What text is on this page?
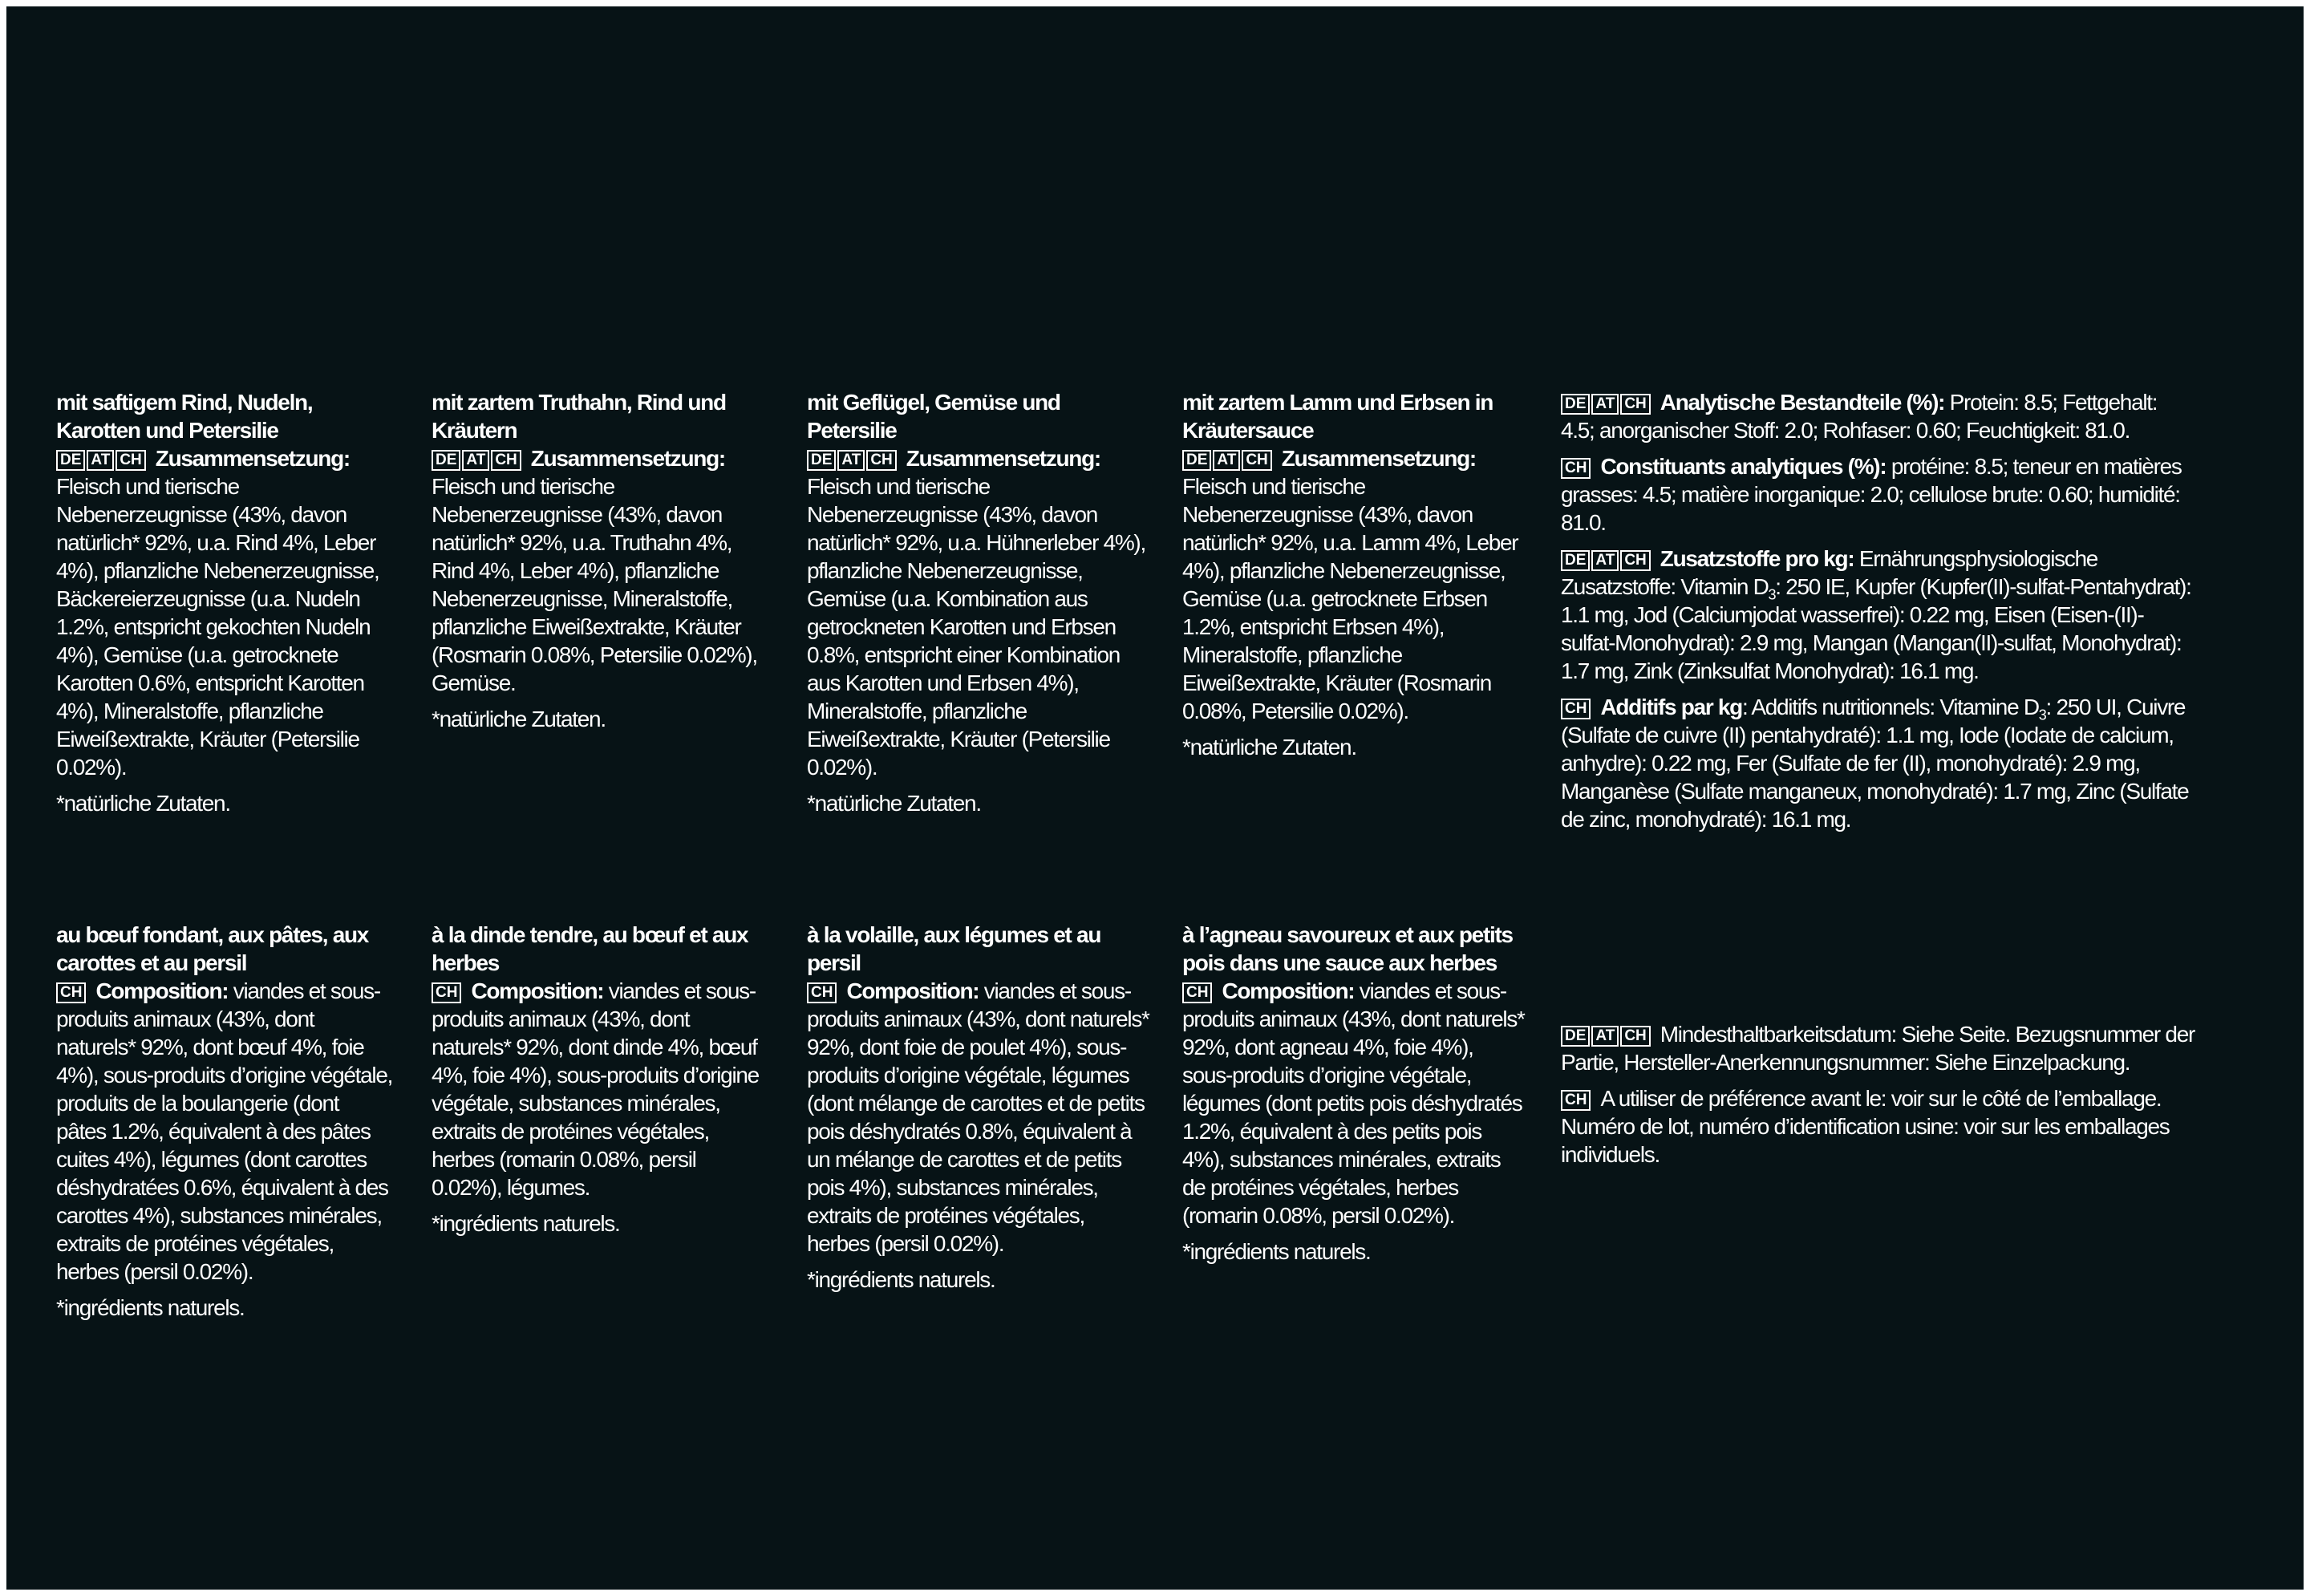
mit saftigem Rind, Nudeln, Karotten und Petersilie
DE AT CH Zusammensetzung: Fleisch und tierische Nebenerzeugnisse (43%, davon natürlich* 92%, u.a. Rind 4%, Leber 4%), pflanzliche Nebenerzeugnisse, Bäckereierzeugnisse (u.a. Nudeln 1.2%, entspricht gekochten Nudeln 4%), Gemüse (u.a. getrocknete Karotten 0.6%, entspricht Karotten 4%), Mineralstoffe, pflanzliche Eiweißextrakte, Kräuter (Petersilie 0.02%).

*natürliche Zutaten.

mit zartem Truthahn, Rind und Kräutern
DE AT CH Zusammensetzung: Fleisch und tierische Nebenerzeugnisse (43%, davon natürlich* 92%, u.a. Truthahn 4%, Rind 4%, Leber 4%), pflanzliche Nebenerzeugnisse, Mineralstoffe, pflanzliche Eiweißextrakte, Kräuter (Rosmarin 0.08%, Petersilie 0.02%), Gemüse.

*natürliche Zutaten.

mit Geflügel, Gemüse und Petersilie
DE AT CH Zusammensetzung: Fleisch und tierische Nebenerzeugnisse (43%, davon natürlich* 92%, u.a. Hühnerleber 4%), pflanzliche Nebenerzeugnisse, Gemüse (u.a. Kombination aus getrockneten Karotten und Erbsen 0.8%, entspricht einer Kombination aus Karotten und Erbsen 4%), Mineralstoffe, pflanzliche Eiweißextrakte, Kräuter (Petersilie 0.02%).

*natürliche Zutaten.

mit zartem Lamm und Erbsen in Kräutersauce
DE AT CH Zusammensetzung: Fleisch und tierische Nebenerzeugnisse (43%, davon natürlich* 92%, u.a. Lamm 4%, Leber 4%), pflanzliche Nebenerzeugnisse, Gemüse (u.a. getrocknete Erbsen 1.2%, entspricht Erbsen 4%), Mineralstoffe, pflanzliche Eiweißextrakte, Kräuter (Rosmarin 0.08%, Petersilie 0.02%).

*natürliche Zutaten.

DE AT CH Analytische Bestandteile (%): Protein: 8.5; Fettgehalt: 4.5; anorganischer Stoff: 2.0; Rohfaser: 0.60; Feuchtigkeit: 81.0.

CH Constituants analytiques (%): protéine: 8.5; teneur en matières grasses: 4.5; matière inorganique: 2.0; cellulose brute: 0.60; humidité: 81.0.

DE AT CH Zusatzstoffe pro kg: Ernährungsphysiologische Zusatzstoffe: Vitamin $D_3$: 250 IE, Kupfer (Kupfer(II)-sulfat-Pentahydrat): 1.1 mg, Jod (Calciumjodat wasserfrei): 0.22 mg, Eisen (Eisen-(II)-sulfat-Monohydrat): 2.9 mg, Mangan (Mangan(II)-sulfat, Monohydrat): 1.7 mg, Zink (Zinksulfat Monohydrat): 16.1 mg.

CH Additifs par kg: Additifs nutritionnels: Vitamine $D_3$: 250 UI, Cuivre (Sulfate de cuivre (II) pentahydraté): 1.1 mg, Iode (Iodate de calcium, anhydre): 0.22 mg, Fer (Sulfate de fer (II), monohydraté): 2.9 mg, Manganèse (Sulfate manganeux, monohydraté): 1.7 mg, Zinc (Sulfate de zinc, monohydraté): 16.1 mg.

au bœuf fondant, aux pâtes, aux carottes et au persil
CH Composition: viandes et sous-produits animaux (43%, dont naturels* 92%, dont bœuf 4%, foie 4%), sous-produits d’origine végétale, produits de la boulangerie (dont pâtes 1.2%, équivalent à des pâtes cuites 4%), légumes (dont carottes déshydratées 0.6%, équivalent à des carottes 4%), substances minérales, extraits de protéines végétales, herbes (persil 0.02%).

*ingrédients naturels.

à la dinde tendre, au bœuf et aux herbes
CH Composition: viandes et sous-produits animaux (43%, dont naturels* 92%, dont dinde 4%, bœuf 4%, foie 4%), sous-produits d’origine végétale, substances minérales, extraits de protéines végétales, herbes (romarin 0.08%, persil 0.02%), légumes.

*ingrédients naturels.

à la volaille, aux légumes et au persil
CH Composition: viandes et sous-produits animaux (43%, dont naturels* 92%, dont foie de poulet 4%), sous-produits d’origine végétale, légumes (dont mélange de carottes et de petits pois déshydratés 0.8%, équivalent à un mélange de carottes et de petits pois 4%), substances minérales, extraits de protéines végétales, herbes (persil 0.02%).

*ingrédients naturels.

à l’agneau savoureux et aux petits pois dans une sauce aux herbes
CH Composition: viandes et sous-produits animaux (43%, dont naturels* 92%, dont agneau 4%, foie 4%), sous-produits d’origine végétale, légumes (dont petits pois déshydratés 1.2%, équivalent à des petits pois 4%), substances minérales, extraits de protéines végétales, herbes (romarin 0.08%, persil 0.02%).

*ingrédients naturels.

DE AT CH Mindesthaltbarkeitsdatum: Siehe Seite. Bezugsnummer der Partie, Hersteller-Anerkennungsnummer: Siehe Einzelpackung.

CH A utiliser de préférence avant le: voir sur le côté de l’emballage. Numéro de lot, numéro d’identification usine: voir sur les emballages individuels.
